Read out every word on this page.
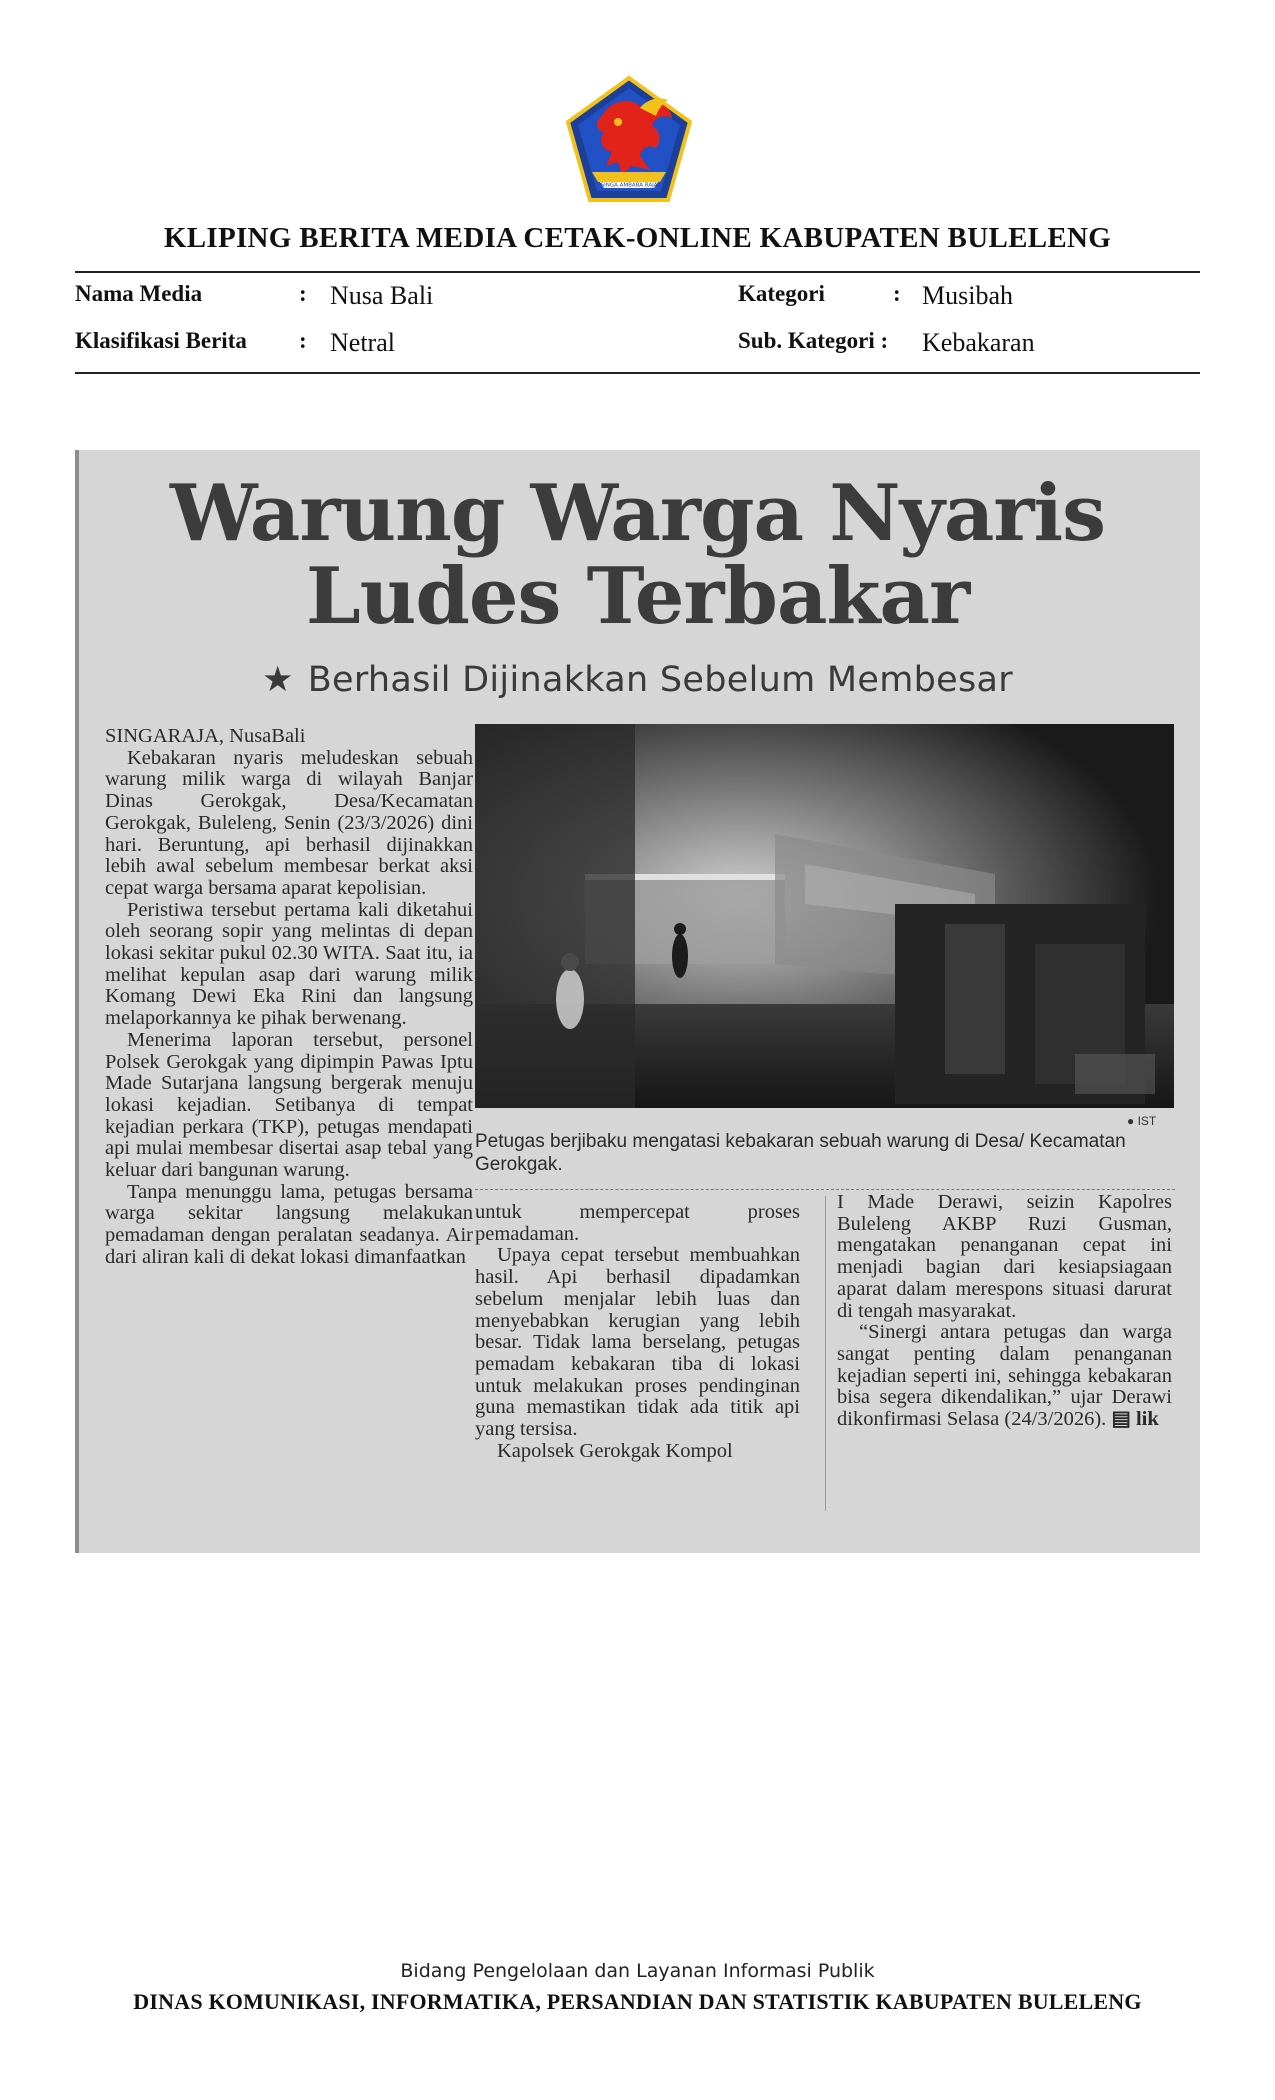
SINGA AMBARA RAJA
KLIPING BERITA MEDIA CETAK-ONLINE KABUPATEN BULELENG
Nama Media	: Nusa Bali
Klasifikasi Berita : Netral
Kategori	: Musibah
Sub. Kategori : Kebakaran
Warung Warga Nyaris
Ludes Terbakar
★ Berhasil Dijinakkan Sebelum Membesar

SINGARAJA, NusaBali

Kebakaran nyaris meludeskan sebuah warung milik warga di wilayah Banjar Dinas Gerokgak, Desa/Kecamatan Gerokgak, Buleleng, Senin (23/3/2026) dini hari. Beruntung, api berhasil dijinakkan lebih awal sebelum membesar berkat aksi cepat warga bersama aparat kepolisian.

Peristiwa tersebut pertama kali diketahui oleh seorang sopir yang melintas di depan lokasi sekitar pukul 02.30 WITA. Saat itu, ia melihat kepulan asap dari warung milik Komang Dewi Eka Rini dan langsung melaporkannya ke pihak berwenang.

Menerima laporan tersebut, personel Polsek Gerokgak yang dipimpin Pawas Iptu Made Sutarjana langsung bergerak menuju lokasi kejadian. Setibanya di tempat kejadian perkara (TKP), petugas mendapati api mulai membesar disertai asap tebal yang keluar dari bangunan warung.

Tanpa menunggu lama, petugas bersama warga sekitar langsung melakukan pemadaman dengan peralatan seadanya. Air dari aliran kali di dekat lokasi dimanfaatkan

● IST
Petugas berjibaku mengatasi kebakaran sebuah warung di Desa/ Kecamatan Gerokgak.

untuk mempercepat proses pemadaman.

Upaya cepat tersebut membuahkan hasil. Api berhasil dipadamkan sebelum menjalar lebih luas dan menyebabkan kerugian yang lebih besar. Tidak lama berselang, petugas pemadam kebakaran tiba di lokasi untuk melakukan proses pendinginan guna memastikan tidak ada titik api yang tersisa.

Kapolsek Gerokgak Kompol

I Made Derawi, seizin Kapolres Buleleng AKBP Ruzi Gusman, mengatakan penanganan cepat ini menjadi bagian dari kesiapsiagaan aparat dalam merespons situasi darurat di tengah masyarakat.

“Sinergi antara petugas dan warga sangat penting dalam penanganan kejadian seperti ini, sehingga kebakaran bisa segera dikendalikan,” ujar Derawi dikonfirmasi Selasa (24/3/2026). ▤ lik

Bidang Pengelolaan dan Layanan Informasi Publik
DINAS KOMUNIKASI, INFORMATIKA, PERSANDIAN DAN STATISTIK KABUPATEN BULELENG
